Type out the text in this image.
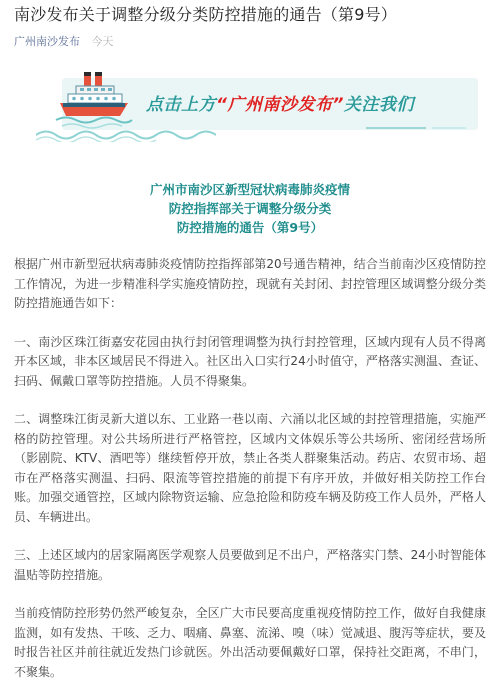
南沙发布关于调整分级分类防控措施的通告（第9号）
广州南沙发布 今天
点击上方“广州南沙发布”关注我们
广州市南沙区新型冠状病毒肺炎疫情
防控指挥部关于调整分级分类
防控措施的通告（第9号）

根据广州市新型冠状病毒肺炎疫情防控指挥部第20号通告精神，结合当前南沙区疫情防控工作情况，为进一步精准科学实施疫情防控，现就有关封闭、封控管理区域调整分级分类防控措施通告如下：

一、南沙区珠江街嘉安花园由执行封闭管理调整为执行封控管理，区域内现有人员不得离开本区域，非本区域居民不得进入。社区出入口实行24小时值守，严格落实测温、查证、扫码、佩戴口罩等防控措施。人员不得聚集。

二、调整珠江街灵新大道以东、工业路一巷以南、六涌以北区域的封控管理措施，实施严格的防控管理。对公共场所进行严格管控，区域内文体娱乐等公共场所、密闭经营场所（影剧院、KTV、酒吧等）继续暂停开放，禁止各类人群聚集活动。药店、农贸市场、超市在严格落实测温、扫码、限流等管控措施的前提下有序开放，并做好相关防控工作台账。加强交通管控，区域内除物资运输、应急抢险和防疫车辆及防疫工作人员外，严格人员、车辆进出。

三、上述区域内的居家隔离医学观察人员要做到足不出户，严格落实门禁、24小时智能体温贴等防控措施。

当前疫情防控形势仍然严峻复杂，全区广大市民要高度重视疫情防控工作，做好自我健康监测，如有发热、干咳、乏力、咽痛、鼻塞、流涕、嗅（味）觉减退、腹泻等症状，要及时报告社区并前往就近发热门诊就医。外出活动要佩戴好口罩，保持社交距离，不串门，不聚集。
